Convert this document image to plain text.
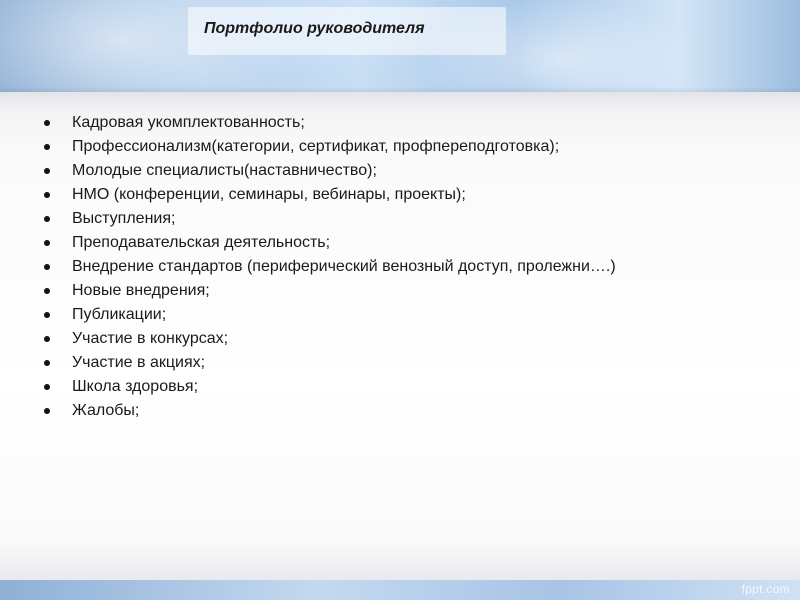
Портфолио руководителя
Кадровая укомплектованность;
Профессионализм(категории, сертификат, профпереподготовка);
Молодые специалисты(наставничество);
НМО (конференции, семинары, вебинары, проекты);
Выступления;
Преподавательская деятельность;
Внедрение стандартов (периферический венозный доступ, пролежни….)
Новые внедрения;
Публикации;
Участие в конкурсах;
Участие в акциях;
Школа здоровья;
Жалобы;
fppt.com
